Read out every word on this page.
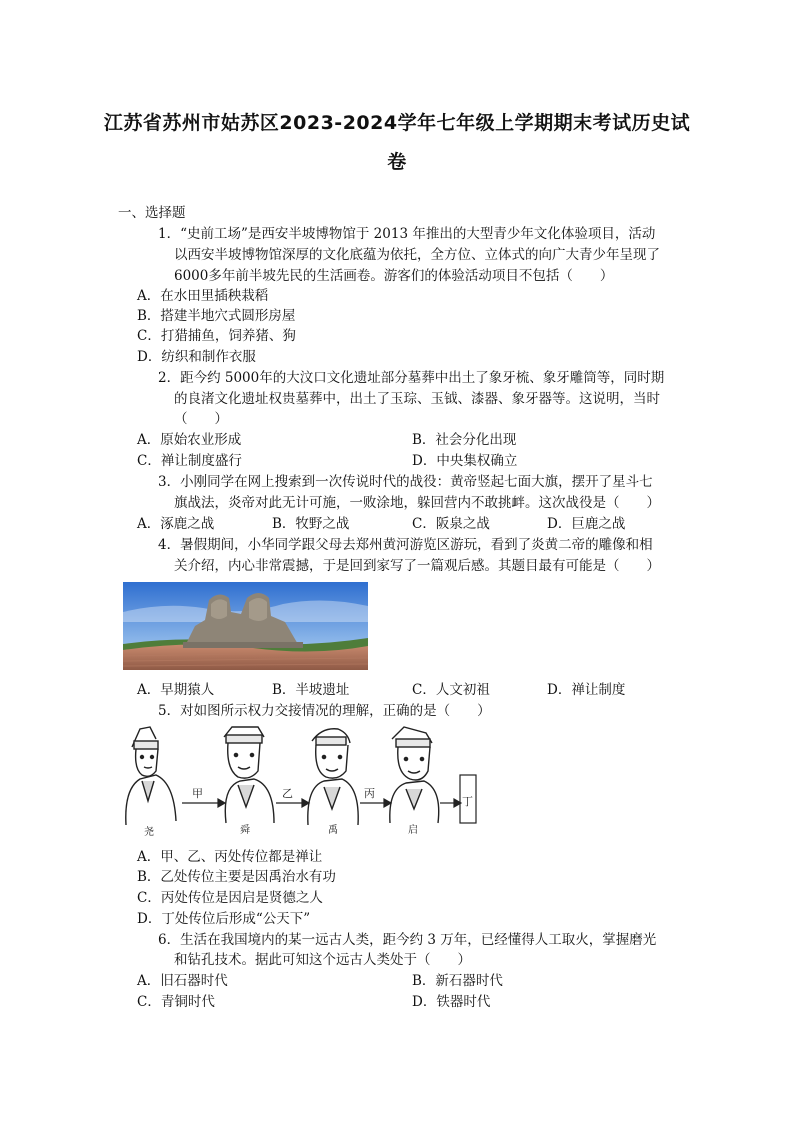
江苏省苏州市姑苏区2023-2024学年七年级上学期期末考试历史试
卷
一、选择题
1．“史前工场”是西安半坡博物馆于 2013 年推出的大型青少年文化体验项目，活动
以西安半坡博物馆深厚的文化底蕴为依托，全方位、立体式的向广大青少年呈现了
6000多年前半坡先民的生活画卷。游客们的体验活动项目不包括（　　）
A．在水田里插秧栽稻
B．搭建半地穴式圆形房屋
C．打猎捕鱼，饲养猪、狗
D．纺织和制作衣服
2．距今约 5000年的大汶口文化遗址部分墓葬中出土了象牙梳、象牙雕筒等，同时期
的良渚文化遗址权贵墓葬中，出土了玉琮、玉钺、漆器、象牙器等。这说明，当时
（　　）
A．原始农业形成	B．社会分化出现
C．禅让制度盛行	D．中央集权确立
3．小刚同学在网上搜索到一次传说时代的战役：黄帝竖起七面大旗，摆开了星斗七
旗战法，炎帝对此无计可施，一败涂地，躲回营内不敢挑衅。这次战役是（　　）
A．涿鹿之战	B．牧野之战	C．阪泉之战	D．巨鹿之战
4．暑假期间，小华同学跟父母去郑州黄河游览区游玩，看到了炎黄二帝的雕像和相
关介绍，内心非常震撼，于是回到家写了一篇观后感。其题目最有可能是（　　）
A．早期猿人	B．半坡遗址	C．人文初祖	D．禅让制度
5．对如图所示权力交接情况的理解，正确的是（　　）
甲	乙	丙
丁
尧	舜	禹	启
A．甲、乙、丙处传位都是禅让
B．乙处传位主要是因禹治水有功
C．丙处传位是因启是贤德之人
D．丁处传位后形成“公天下”
6．生活在我国境内的某一远古人类，距今约 3 万年，已经懂得人工取火，掌握磨光
和钻孔技术。据此可知这个远古人类处于（　　）
A．旧石器时代	B．新石器时代
C．青铜时代	D．铁器时代
